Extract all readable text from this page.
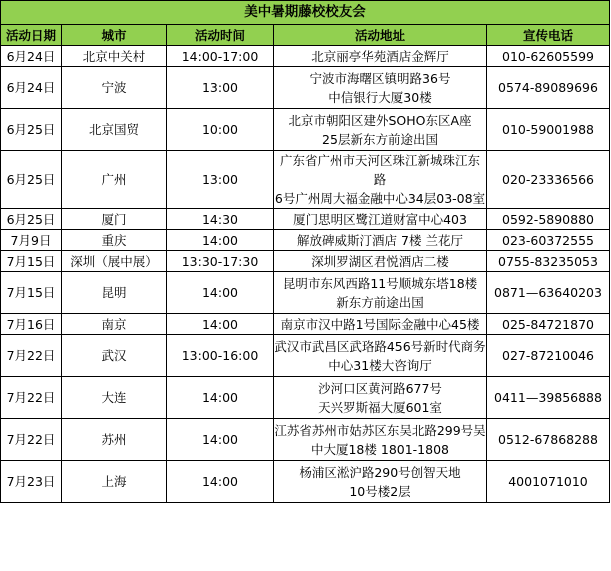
美中暑期藤校校友会				
活动日期	城市	活动时间	活动地址	宣传电话
6月24日	北京中关村	14:00-17:00	北京丽亭华苑酒店金辉厅	010-62605599
6月24日	宁波	13:00	宁波市海曙区镇明路36号
中信银行大厦30楼	0574-89089696
6月25日	北京国贸	10:00	北京市朝阳区建外SOHO东区A座
25层新东方前途出国	010-59001988
6月25日	广州	13:00	广东省广州市天河区珠江新城珠江东路
6号广州周大福金融中心34层03-08室	020-23336566
6月25日	厦门	14:30	厦门思明区鹭江道财富中心403	0592-5890880
7月9日	重庆	14:00	解放碑威斯汀酒店 7楼 兰花厅	023-60372555
7月15日	深圳（展中展）	13:30-17:30	深圳罗湖区君悦酒店二楼	0755-83235053
7月15日	昆明	14:00	昆明市东风西路11号顺城东塔18楼
新东方前途出国	0871—63640203
7月16日	南京	14:00	南京市汉中路1号国际金融中心45楼	025-84721870
7月22日	武汉	13:00-16:00	武汉市武昌区武珞路456号新时代商务
中心31楼大咨询厅	027-87210046
7月22日	大连	14:00	沙河口区黄河路677号
天兴罗斯福大厦601室	0411—39856888
7月22日	苏州	14:00	江苏省苏州市姑苏区东吴北路299号吴
中大厦18楼 1801-1808	0512-67868288
7月23日	上海	14:00	杨浦区淞沪路290号创智天地
10号楼2层	4001071010
